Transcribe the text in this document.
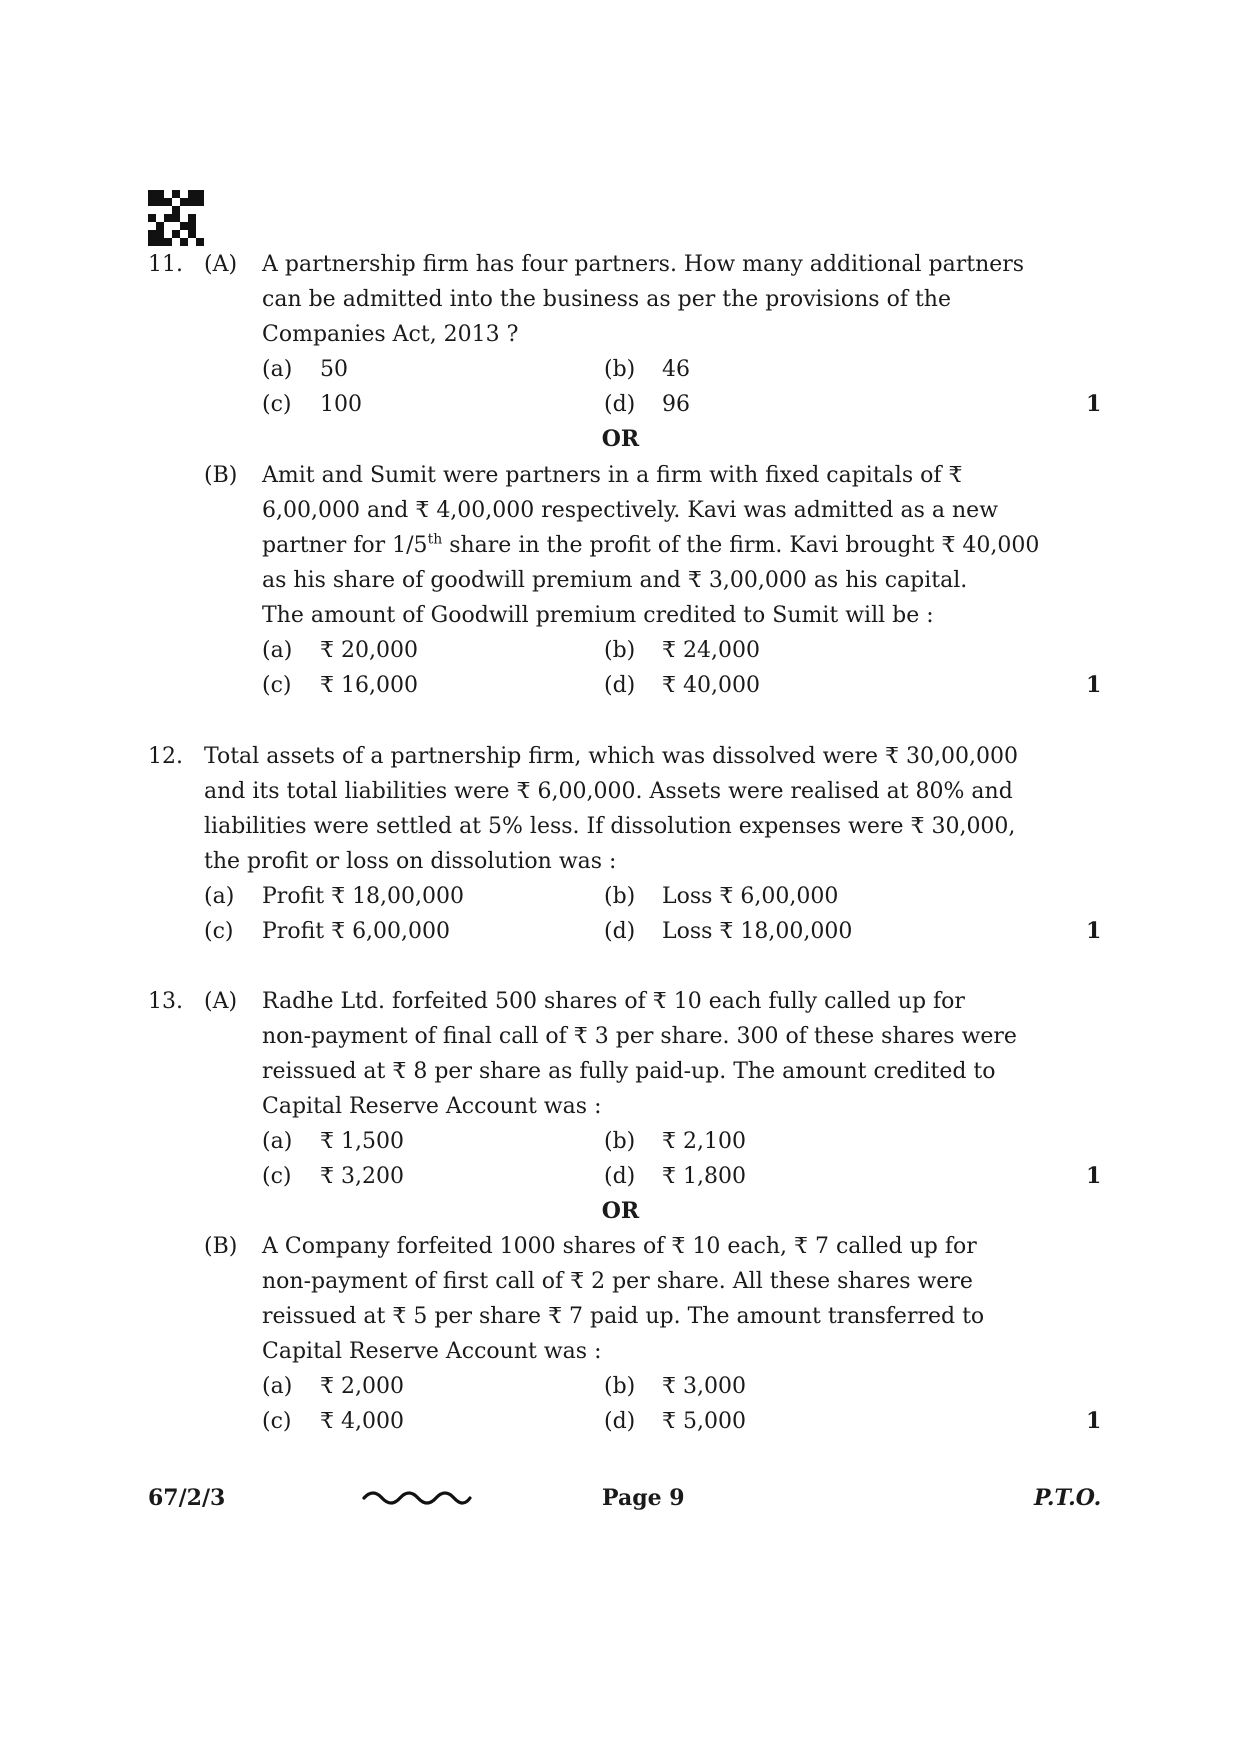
11. (A) A partnership firm has four partners. How many additional partners
can be admitted into the business as per the provisions of the
Companies Act, 2013 ?
(a) 50	(b) 46
(c) 100	(d) 96	1
OR
(B) Amit and Sumit were partners in a firm with fixed capitals of ₹
6,00,000 and ₹ 4,00,000 respectively. Kavi was admitted as a new
partner for 1/5th share in the profit of the firm. Kavi brought ₹ 40,000
as his share of goodwill premium and ₹ 3,00,000 as his capital.
The amount of Goodwill premium credited to Sumit will be :
(a) ₹ 20,000	(b) ₹ 24,000
(c) ₹ 16,000	(d) ₹ 40,000	1
12. Total assets of a partnership firm, which was dissolved were ₹ 30,00,000
and its total liabilities were ₹ 6,00,000. Assets were realised at 80% and
liabilities were settled at 5% less. If dissolution expenses were ₹ 30,000,
the profit or loss on dissolution was :
(a) Profit ₹ 18,00,000	(b) Loss ₹ 6,00,000
(c) Profit ₹ 6,00,000	(d) Loss ₹ 18,00,000	1
13. (A) Radhe Ltd. forfeited 500 shares of ₹ 10 each fully called up for
non-payment of final call of ₹ 3 per share. 300 of these shares were
reissued at ₹ 8 per share as fully paid-up. The amount credited to
Capital Reserve Account was :
(a) ₹ 1,500	(b) ₹ 2,100
(c) ₹ 3,200	(d) ₹ 1,800	1
OR
(B) A Company forfeited 1000 shares of ₹ 10 each, ₹ 7 called up for
non-payment of first call of ₹ 2 per share. All these shares were
reissued at ₹ 5 per share ₹ 7 paid up. The amount transferred to
Capital Reserve Account was :
(a) ₹ 2,000	(b) ₹ 3,000
(c) ₹ 4,000	(d) ₹ 5,000	1
67/2/3	Page 9	P.T.O.
